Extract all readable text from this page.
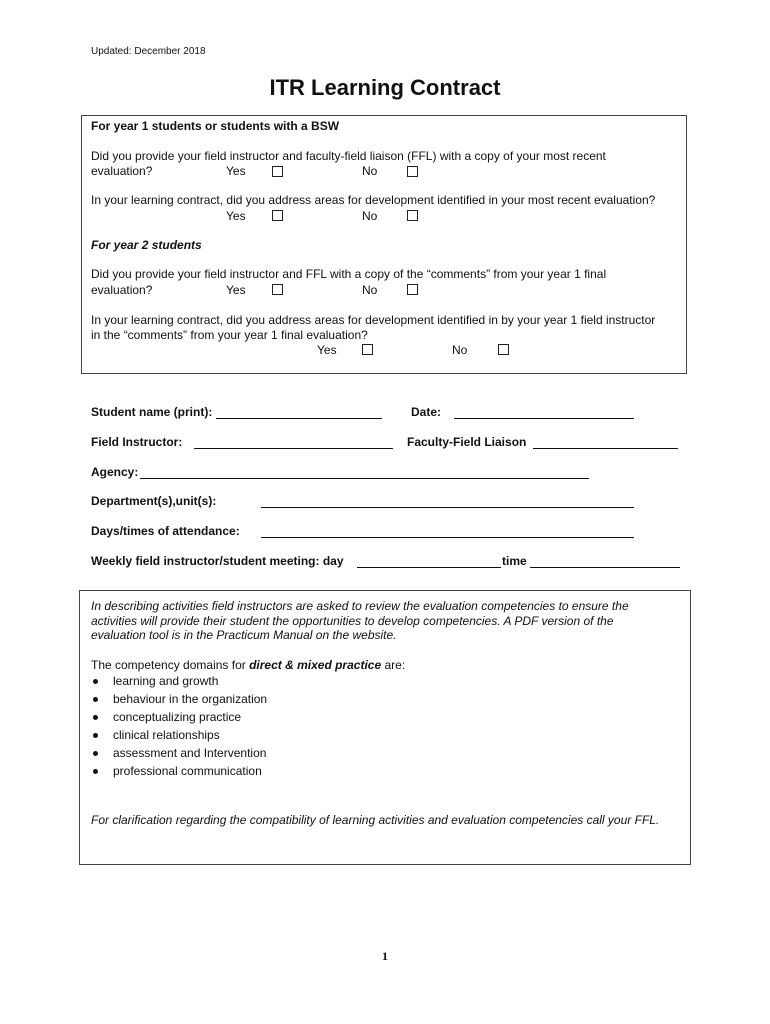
Updated: December 2018
ITR Learning Contract
For year 1 students or students with a BSW
Did you provide your field instructor and faculty-field liaison (FFL) with a copy of your most recent
evaluation?	Yes	No
In your learning contract, did you address areas for development identified in your most recent evaluation?
Yes	No
For year 2 students
Did you provide your field instructor and FFL with a copy of the “comments” from your year 1 final
evaluation?	Yes	No
In your learning contract, did you address areas for development identified in by your year 1 field instructor
in the “comments” from your year 1 final evaluation?
Yes	No
Student name (print):	Date:
Field Instructor:	Faculty-Field Liaison
Agency:
Department(s),unit(s):
Days/times of attendance:
Weekly field instructor/student meeting: day	time
In describing activities field instructors are asked to review the evaluation competencies to ensure the
activities will provide their student the opportunities to develop competencies. A PDF version of the
evaluation tool is in the Practicum Manual on the website.
The competency domains for direct & mixed practice are:
learning and growth
behaviour in the organization
conceptualizing practice
clinical relationships
assessment and Intervention
professional communication
For clarification regarding the compatibility of learning activities and evaluation competencies call your FFL.
1
